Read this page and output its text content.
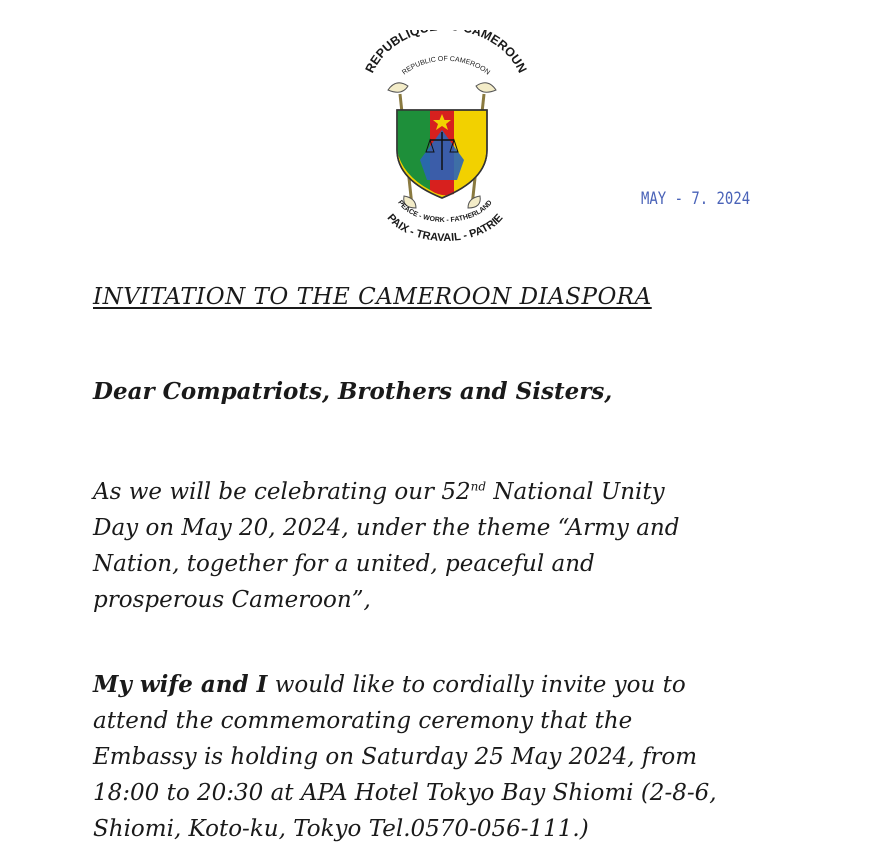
REPUBLIQ AMEROUN
REPUBLIC OF CAMEROON
PEACE - WORK - FATHERLAND
PAIX - TRAVAIL - PATRIE
MAY - 7. 2024
INVITATION TO THE CAMEROON DIASPORA
Dear Compatriots, Brothers and Sisters,
As we will be celebrating our 52nd National Unity
Day on May 20, 2024, under the theme “Army and
Nation, together for a united, peaceful and
prosperous Cameroon”,
My wife and I would like to cordially invite you to
attend the commemorating ceremony that the
Embassy is holding on Saturday 25 May 2024, from
18:00 to 20:30 at APA Hotel Tokyo Bay Shiomi (2-8-6,
Shiomi, Koto-ku, Tokyo Tel.0570-056-111.)
